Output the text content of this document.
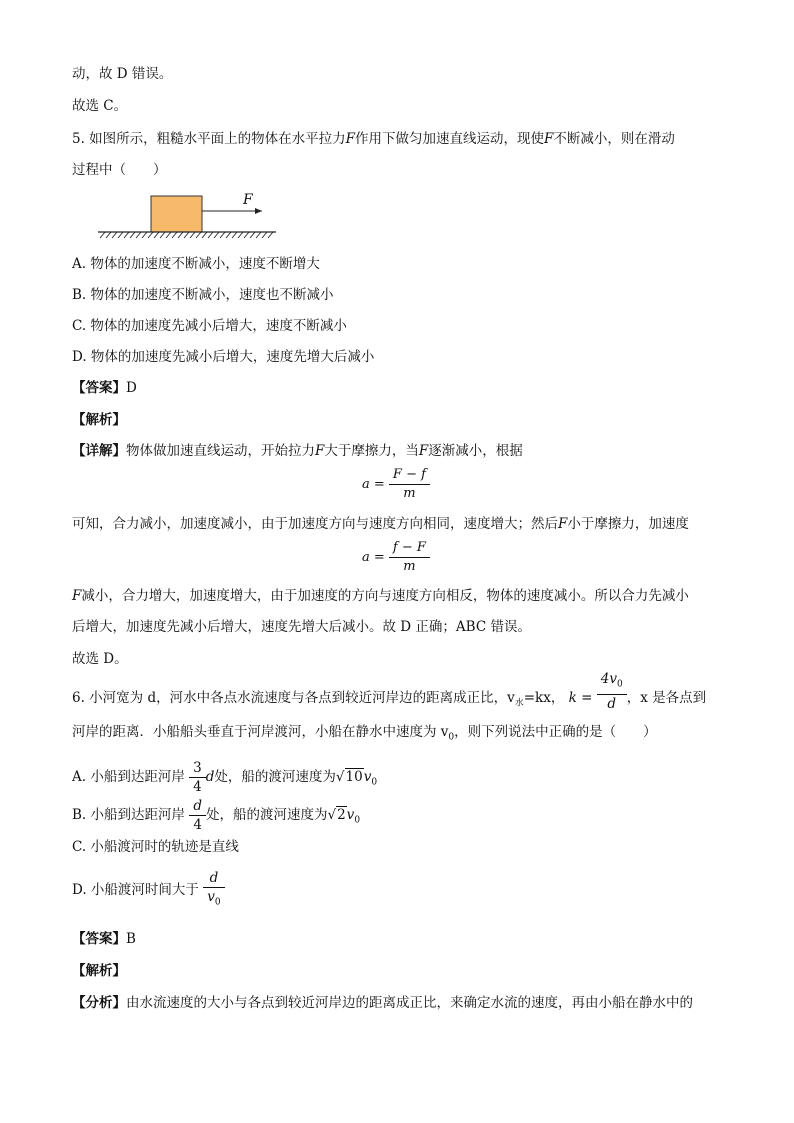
动，故 D 错误。
故选 C。
5. 如图所示，粗糙水平面上的物体在水平拉力F作用下做匀加速直线运动，现使F不断减小，则在滑动
过程中（　　）
F
A. 物体的加速度不断减小，速度不断增大
B. 物体的加速度不断减小，速度也不断减小
C. 物体的加速度先减小后增大，速度不断减小
D. 物体的加速度先减小后增大，速度先增大后减小
【答案】D
【解析】
【详解】物体做加速直线运动，开始拉力F大于摩擦力，当F逐渐减小，根据
$a = \frac{F - f}{m}$
可知，合力减小，加速度减小，由于加速度方向与速度方向相同，速度增大；然后F小于摩擦力，加速度
$a = \frac{f - F}{m}$
F减小，合力增大，加速度增大，由于加速度的方向与速度方向相反，物体的速度减小。所以合力先减小
后增大，加速度先减小后增大，速度先增大后减小。故 D 正确；ABC 错误。
故选 D。
6. 小河宽为 d，河水中各点水流速度与各点到较近河岸边的距离成正比，$v_水=kx$， $k = \frac{4v_0}{d}$ ，x 是各点到
河岸的距离．小船船头垂直于河岸渡河，小船在静水中速度为 $v_0$，则下列说法中正确的是（　　）
A. 小船到达距河岸 $\frac{3}{4}$ d处，船的渡河速度为$√10v_0$
B. 小船到达距河岸 $\frac{d}{4}$ 处，船的渡河速度为$√2v_0$
C. 小船渡河时的轨迹是直线
D. 小船渡河时间大于 $\frac{d}{v_0}$
【答案】B
【解析】
【分析】由水流速度的大小与各点到较近河岸边的距离成正比，来确定水流的速度，再由小船在静水中的
